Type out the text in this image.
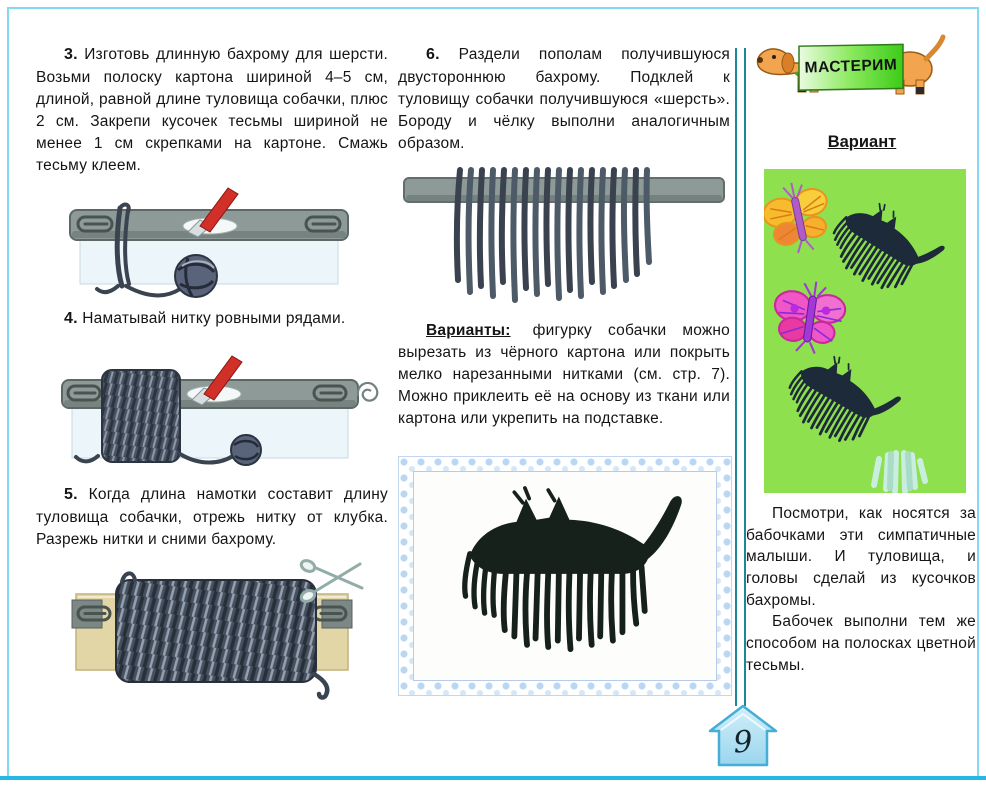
3. Изготовь длинную бахрому для шерсти. Возьми полоску картона шириной 4–5 см, длиной, равной длине туловища собачки, плюс 2 см. Закрепи кусочек тесьмы шириной не менее 1 см скрепками на картоне. Смажь тесьму клеем.
4. Наматывай нитку ровными рядами.
5. Когда длина намотки составит длину туловища собачки, отрежь нитку от клубка. Разрежь нитки и сними бахрому.
6. Раздели пополам получившуюся двустороннюю бахрому. Подклей к туловищу собачки получившуюся «шерсть». Бороду и чёлку выполни аналогичным образом.
Варианты: фигурку собачки можно вырезать из чёрного картона или покрыть мелко нарезанными нитками (см. стр. 7). Можно приклеить её на основу из ткани или картона или укрепить на подставке.
МАСТЕРИМ
Вариант

Посмотри, как носятся за бабочками эти симпатичные малыши. И туловища, и головы сделай из кусочков бахромы.

Бабочек выполни тем же способом на полосках цветной тесьмы.

9
